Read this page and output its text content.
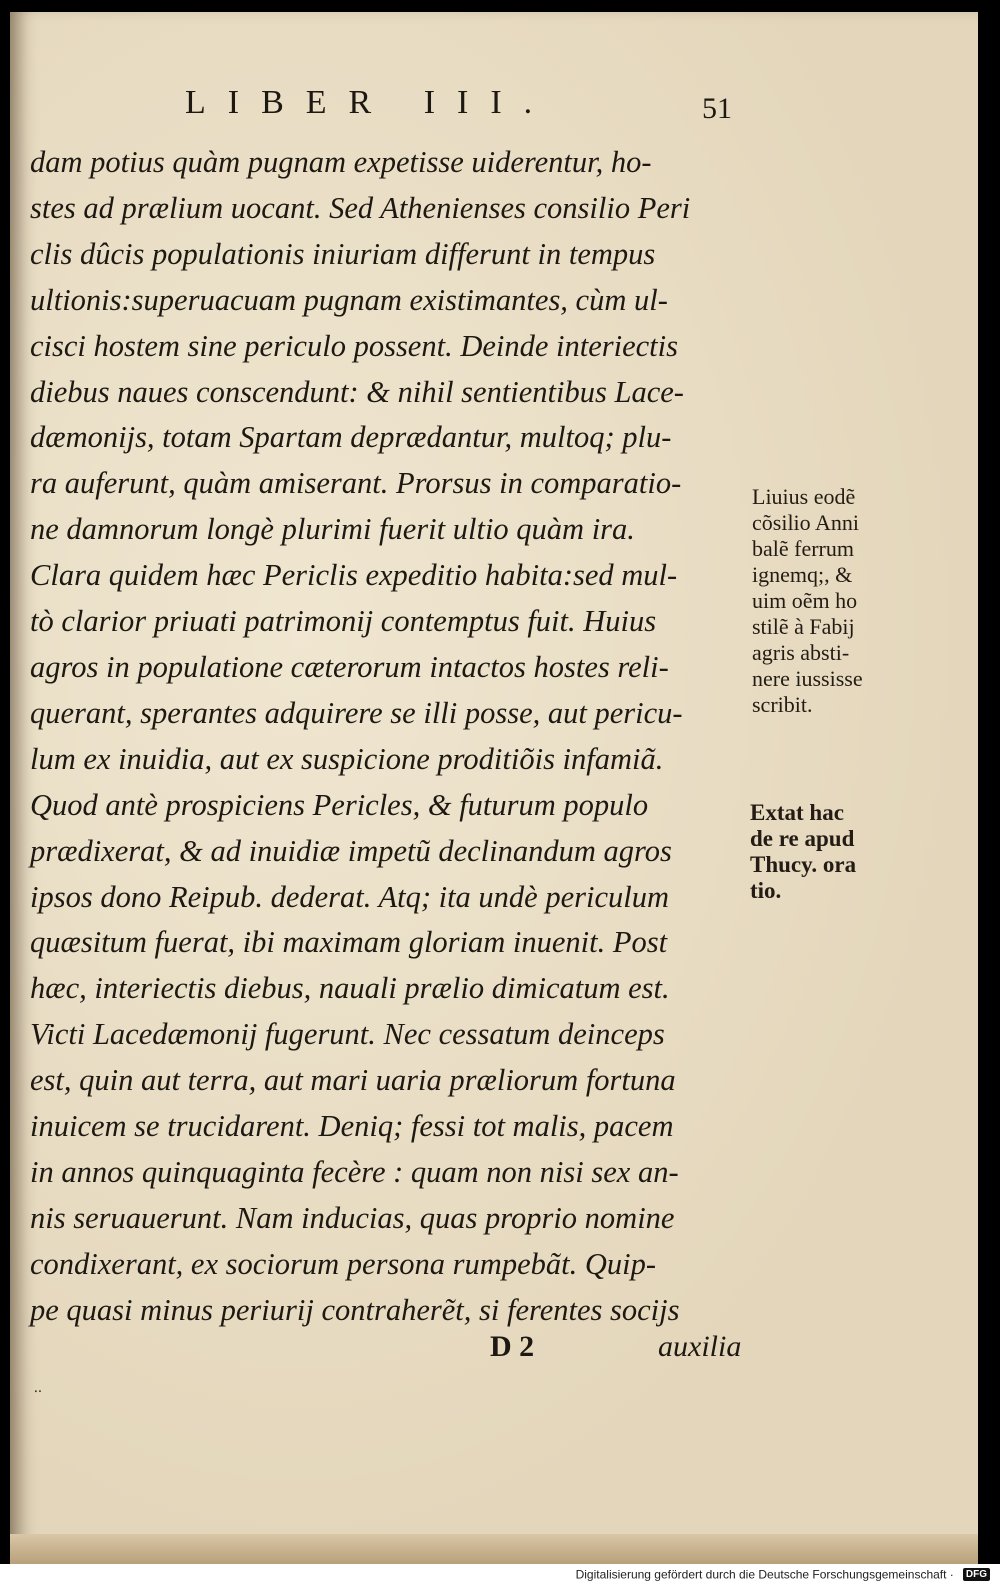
LIBER III.	51
dam potius quàm pugnam expetisse uiderentur, ho-
stes ad prælium uocant. Sed Athenienses consilio Peri
clis dûcis populationis iniuriam differunt in tempus
ultionis:superuacuam pugnam existimantes, cùm ul-
cisci hostem sine periculo possent. Deinde interiectis
diebus naues conscendunt: & nihil sentientibus Lace-
dæmonijs, totam Spartam deprædantur, multoq; plu-
ra auferunt, quàm amiserant. Prorsus in comparatio-
ne damnorum longè plurimi fuerit ultio quàm ira.
Clara quidem hæc Periclis expeditio habita:sed mul-
tò clarior priuati patrimonij contemptus fuit. Huius
agros in populatione cæterorum intactos hostes reli-
querant, sperantes adquirere se illi posse, aut pericu-
lum ex inuidia, aut ex suspicione proditiõis infamiã.
Quod antè prospiciens Pericles, & futurum populo
prædixerat, & ad inuidiæ impetũ declinandum agros
ipsos dono Reipub. dederat. Atq; ita undè periculum
quæsitum fuerat, ibi maximam gloriam inuenit. Post
hæc, interiectis diebus, nauali prælio dimicatum est.
Victi Lacedæmonij fugerunt. Nec cessatum deinceps
est, quin aut terra, aut mari uaria præliorum fortuna
inuicem se trucidarent. Deniq; fessi tot malis, pacem
in annos quinquaginta fecère : quam non nisi sex an-
nis seruauerunt. Nam inducias, quas proprio nomine
condixerant, ex sociorum persona rumpebãt. Quip-
pe quasi minus periurij contraherẽt, si ferentes socijs
D 2	auxilia
Liuius eodẽ
cõsilio Anni
balẽ ferrum
ignemq;, &
uim oẽm ho
stilẽ à Fabij
agris absti-
nere iussisse
scribit.
Extat hac
de re apud
Thucy. ora
tio.
⸱·
Digitalisierung gefördert durch die Deutsche Forschungsgemeinschaft · DFG
